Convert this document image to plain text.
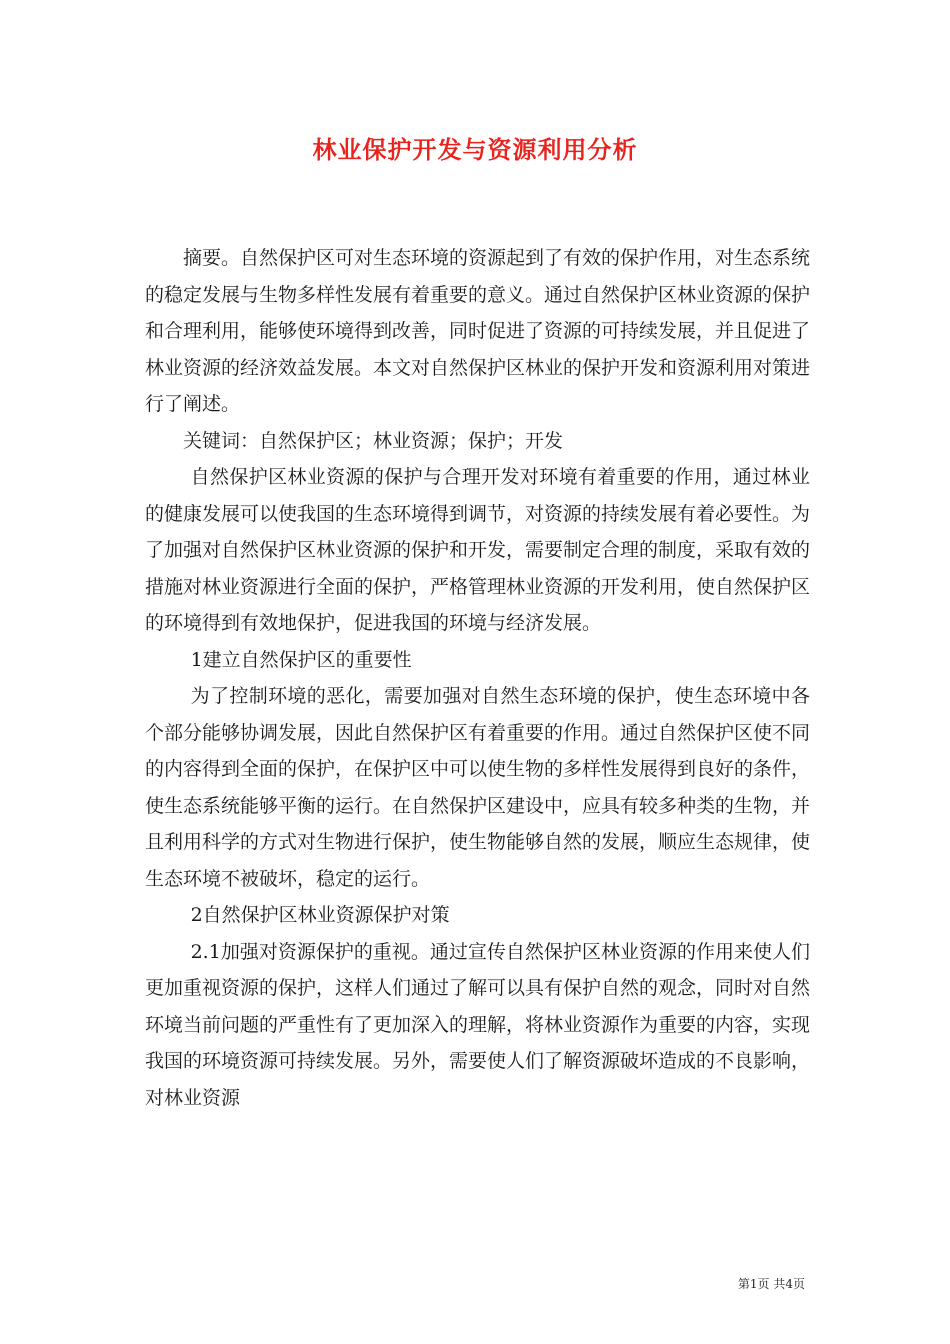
林业保护开发与资源利用分析

摘要。自然保护区可对生态环境的资源起到了有效的保护作用，对生态系统的稳定发展与生物多样性发展有着重要的意义。通过自然保护区林业资源的保护和合理利用，能够使环境得到改善，同时促进了资源的可持续发展，并且促进了林业资源的经济效益发展。本文对自然保护区林业的保护开发和资源利用对策进行了阐述。

关键词：自然保护区；林业资源；保护；开发

自然保护区林业资源的保护与合理开发对环境有着重要的作用，通过林业的健康发展可以使我国的生态环境得到调节，对资源的持续发展有着必要性。为了加强对自然保护区林业资源的保护和开发，需要制定合理的制度，采取有效的措施对林业资源进行全面的保护，严格管理林业资源的开发利用，使自然保护区的环境得到有效地保护，促进我国的环境与经济发展。

1建立自然保护区的重要性

为了控制环境的恶化，需要加强对自然生态环境的保护，使生态环境中各个部分能够协调发展，因此自然保护区有着重要的作用。通过自然保护区使不同的内容得到全面的保护，在保护区中可以使生物的多样性发展得到良好的条件，使生态系统能够平衡的运行。在自然保护区建设中，应具有较多种类的生物，并且利用科学的方式对生物进行保护，使生物能够自然的发展，顺应生态规律，使生态环境不被破坏，稳定的运行。

2自然保护区林业资源保护对策

2.1加强对资源保护的重视。通过宣传自然保护区林业资源的作用来使人们更加重视资源的保护，这样人们通过了解可以具有保护自然的观念，同时对自然环境当前问题的严重性有了更加深入的理解，将林业资源作为重要的内容，实现我国的环境资源可持续发展。另外，需要使人们了解资源破坏造成的不良影响，对林业资源

第1页 共4页
